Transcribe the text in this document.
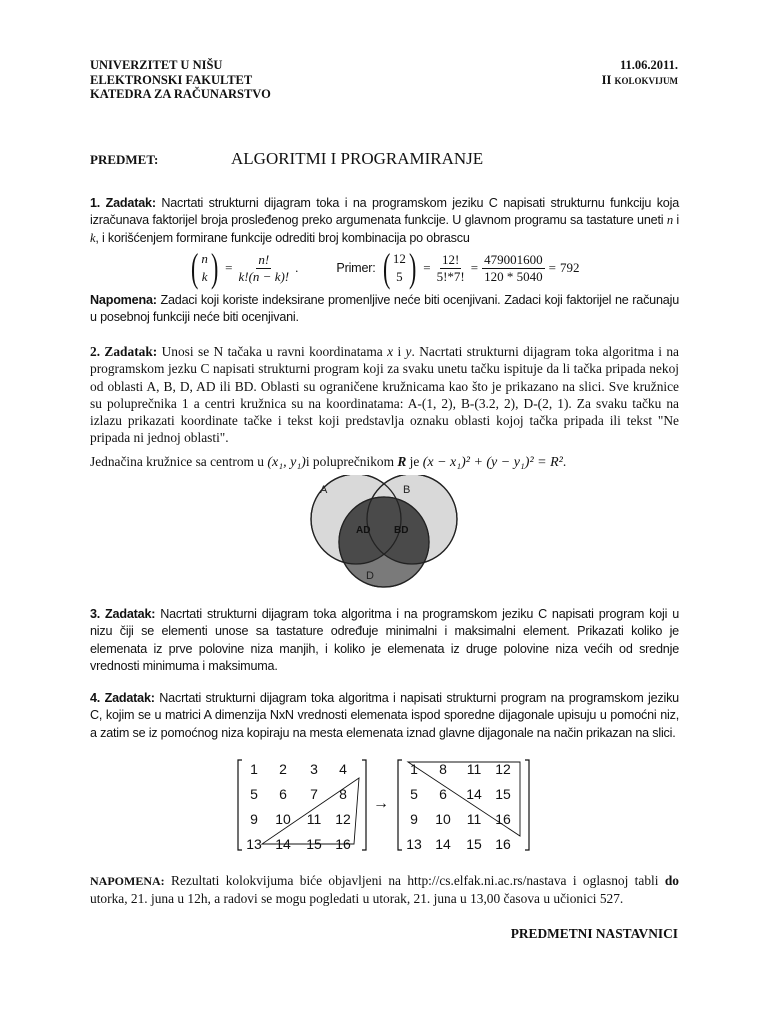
UNIVERZITET U NIŠU
ELEKTRONSKI FAKULTET
KATEDRA ZA RAČUNARSTVO
11.06.2011.
II kolokvijum
PREDMET:	ALGORITMI I PROGRAMIRANJE

1. Zadatak: Nacrtati strukturni dijagram toka i na programskom jeziku C napisati strukturnu funkciju koja izračunava faktorijel broja prosleđenog preko argumenata funkcije. U glavnom programu sa tastature uneti n i k, i korišćenjem formirane funkcije odrediti broj kombinacija po obrascu

( n
k ) = $\frac{n!}{k!(n - k)!}$ .	Primer: ( 12
5 ) = $\frac{12!}{5!*7!} = \frac{479001600}{120 * 5040} = 792$

Napomena: Zadaci koji koriste indeksirane promenljive neće biti ocenjivani. Zadaci koji faktorijel ne računaju u posebnoj funkciji neće biti ocenjivani.

2. Zadatak: Unosi se N tačaka u ravni koordinatama x i y. Nacrtati strukturni dijagram toka algoritma i na programskom jezku C napisati strukturni program koji za svaku unetu tačku ispituje da li tačka pripada nekoj od oblasti A, B, D, AD ili BD. Oblasti su ograničene kružnicama kao što je prikazano na slici. Sve kružnice su poluprečnika 1 a centri kružnica su na koordinatama: A-(1, 2), B-(3.2, 2), D-(2, 1). Za svaku tačku na izlazu prikazati koordinate tačke i tekst koji predstavlja oznaku oblasti kojoj tačka pripada ili tekst "Ne pripada ni jednoj oblasti".

Jednačina kružnice sa centrom u (x₁, y₁)i poluprečnikom R je (x − x₁)² + (y − y₁)² = R².
A	B
AD BD
D

3. Zadatak: Nacrtati strukturni dijagram toka algoritma i na programskom jeziku C napisati program koji u nizu čiji se elementi unose sa tastature određuje minimalni i maksimalni element. Prikazati koliko je elemenata iz prve polovine niza manjih, i koliko je elemenata iz druge polovine niza većih od srednje vrednosti minimuma i maksimuma.

4. Zadatak: Nacrtati strukturni dijagram toka algoritma i napisati strukturni program na programskom jeziku C, kojim se u matrici A dimenzija NxN vrednosti elemenata ispod sporedne dijagonale upisuju u pomoćni niz, a zatim se iz pomoćnog niza kopiraju na mesta elemenata iznad glavne dijagonale na način prikazan na slici.

→
1 2 3 4
5 6 7 8
9 10 11 12
13 14 15 16
1 8 11 12
5 6 14 15
9 10 11 16
13 14 15 16

NAPOMENA: Rezultati kolokvijuma biće objavljeni na http://cs.elfak.ni.ac.rs/nastava i oglasnoj tabli do utorka, 21. juna u 12h, a radovi se mogu pogledati u utorak, 21. juna u 13,00 časova u učionici 527.

PREDMETNI NASTAVNICI
